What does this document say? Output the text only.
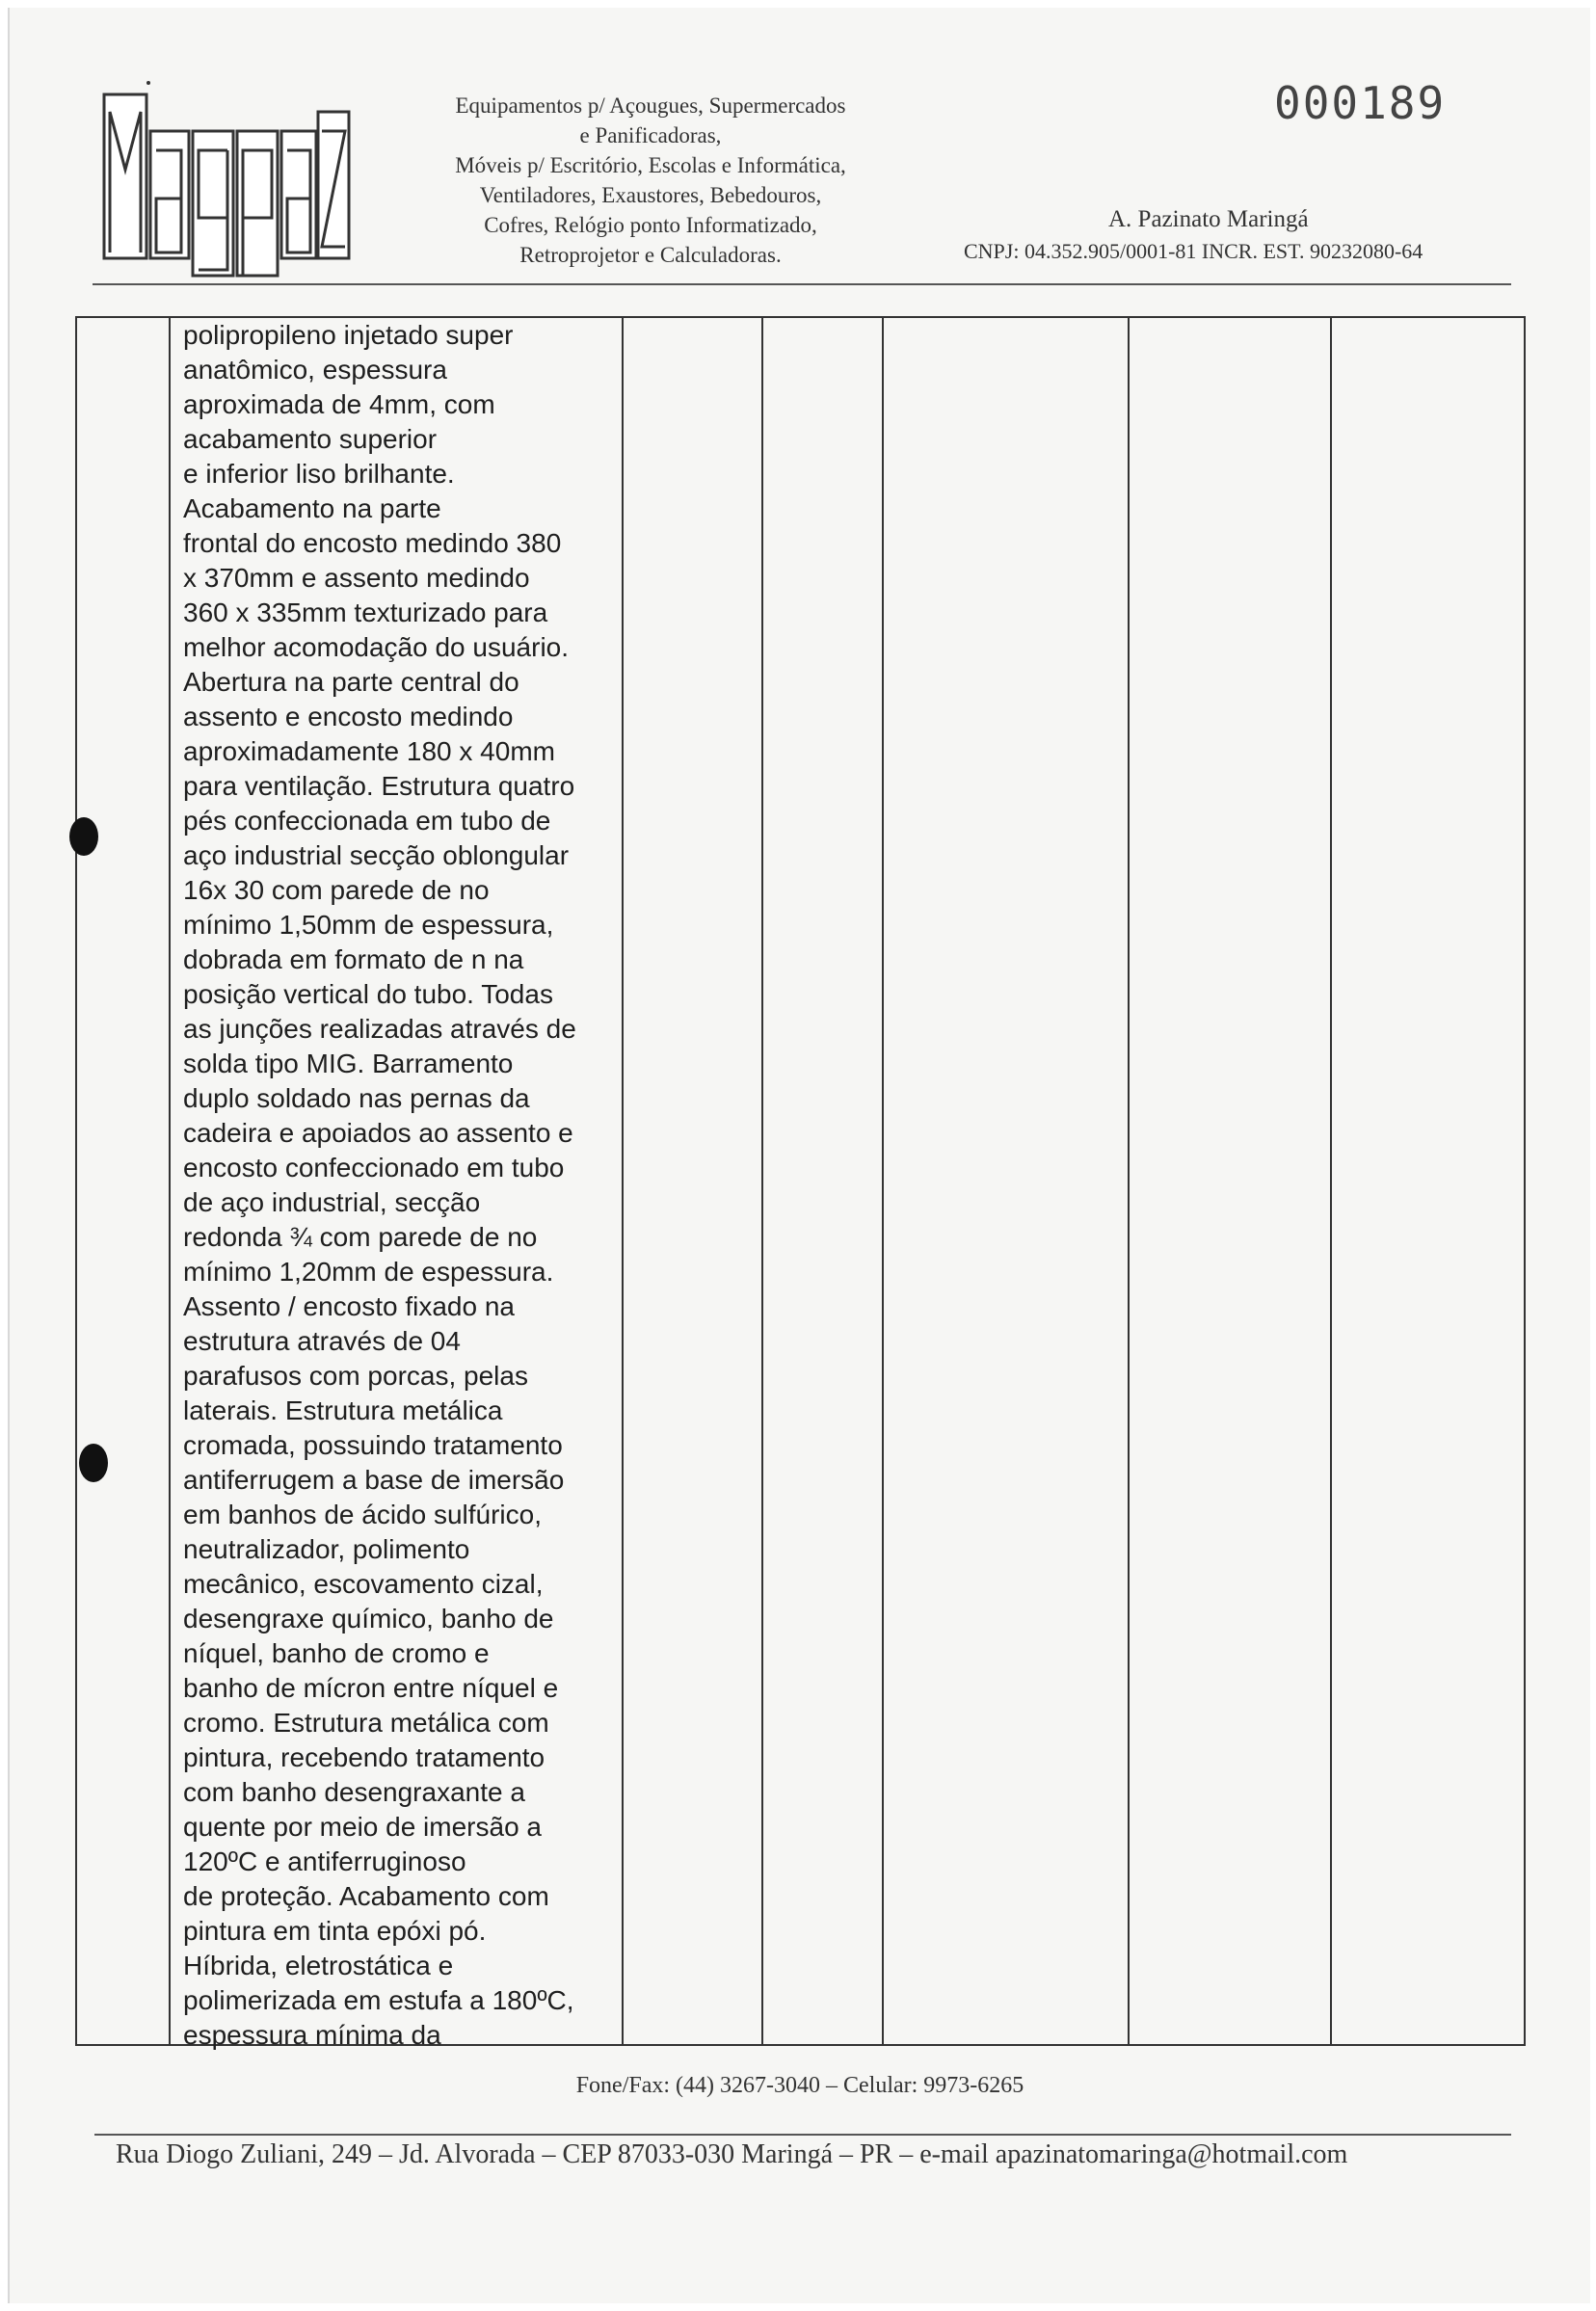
Equipamentos p/ Açougues, Supermercados
e Panificadoras,
Móveis p/ Escritório, Escolas e Informática,
Ventiladores, Exaustores, Bebedouros,
Cofres, Relógio ponto Informatizado,
Retroprojetor e Calculadoras.
000189
A. Pazinato Maringá
CNPJ: 04.352.905/0001-81 INCR. EST. 90232080-64
polipropileno injetado super
anatômico, espessura
aproximada de 4mm, com
acabamento superior
e inferior liso brilhante.
Acabamento na parte
frontal do encosto medindo 380
x 370mm e assento medindo
360 x 335mm texturizado para
melhor acomodação do usuário.
Abertura na parte central do
assento e encosto medindo
aproximadamente 180 x 40mm
para ventilação. Estrutura quatro
pés confeccionada em tubo de
aço industrial secção oblongular
16x 30 com parede de no
mínimo 1,50mm de espessura,
dobrada em formato de n na
posição vertical do tubo. Todas
as junções realizadas através de
solda tipo MIG. Barramento
duplo soldado nas pernas da
cadeira e apoiados ao assento e
encosto confeccionado em tubo
de aço industrial, secção
redonda ¾ com parede de no
mínimo 1,20mm de espessura.
Assento / encosto fixado na
estrutura através de 04
parafusos com porcas, pelas
laterais. Estrutura metálica
cromada, possuindo tratamento
antiferrugem a base de imersão
em banhos de ácido sulfúrico,
neutralizador, polimento
mecânico, escovamento cizal,
desengraxe químico, banho de
níquel, banho de cromo e
banho de mícron entre níquel e
cromo. Estrutura metálica com
pintura, recebendo tratamento
com banho desengraxante a
quente por meio de imersão a
120ºC e antiferruginoso
de proteção. Acabamento com
pintura em tinta epóxi pó.
Híbrida, eletrostática e
polimerizada em estufa a 180ºC,
espessura mínima da
Fone/Fax: (44) 3267-3040 – Celular: 9973-6265
Rua Diogo Zuliani, 249 – Jd. Alvorada – CEP 87033-030 Maringá – PR – e-mail apazinatomaringa@hotmail.com
